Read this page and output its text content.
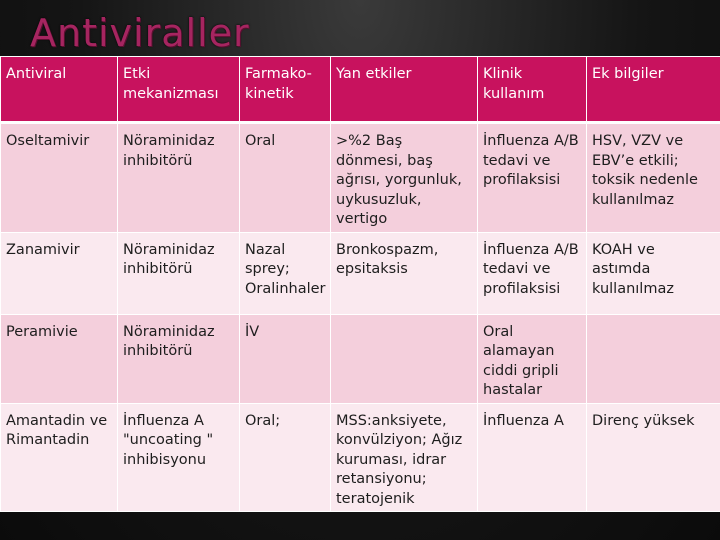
Antiviraller
Antiviral	Etki mekanizması	Farmako-kinetik	Yan etkiler	Klinik kullanım	Ek bilgiler
Oseltamivir	Nöraminidaz inhibitörü	Oral	>%2 Baş dönmesi, baş ağrısı, yorgunluk, uykusuzluk, vertigo	İnfluenza A/B tedavi ve profilaksisi	HSV, VZV ve EBV’e etkili; toksik nedenle kullanılmaz
Zanamivir	Nöraminidaz inhibitörü	Nazal sprey; Oralinhaler	Bronkospazm, epsitaksis	İnfluenza A/B tedavi ve profilaksisi	KOAH ve astımda kullanılmaz
Peramivie	Nöraminidaz inhibitörü	İV		Oral alamayan ciddi gripli hastalar	
Amantadin ve Rimantadin	İnfluenza A "uncoating " inhibisyonu	Oral;	MSS:anksiyete, konvülziyon; Ağız kuruması, idrar retansiyonu; teratojenik	İnfluenza A	Direnç yüksek
